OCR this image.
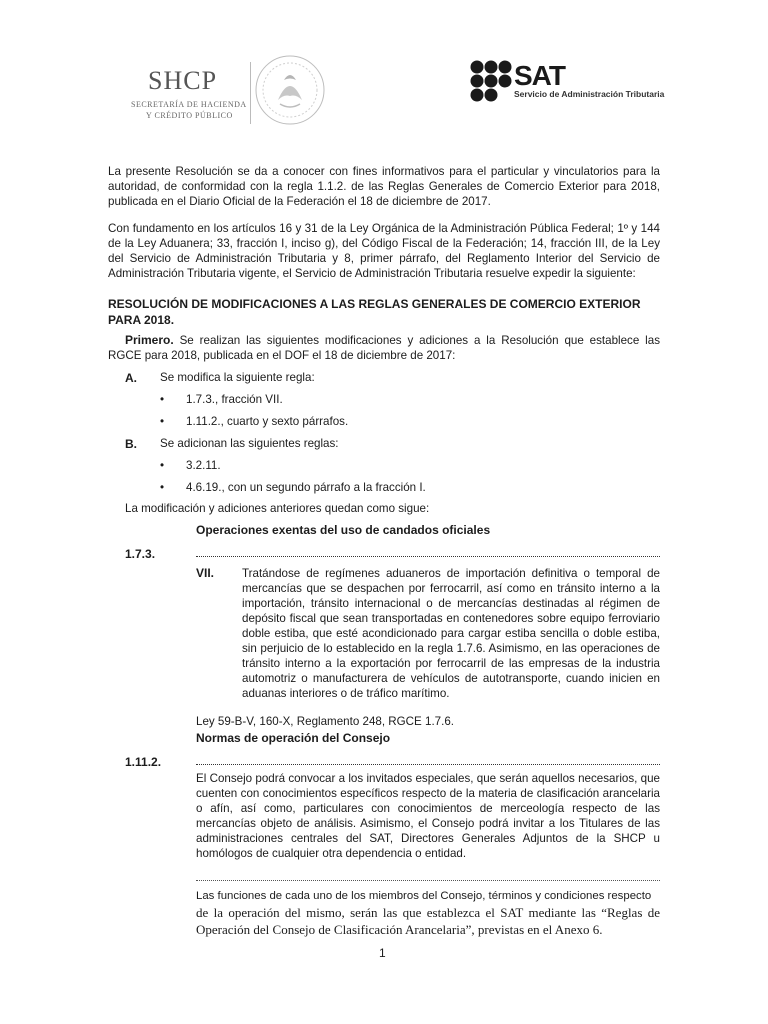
SHCP
SECRETARÍA DE HACIENDA
Y CRÉDITO PÚBLICO
SAT
Servicio de Administración Tributaria
La presente Resolución se da a conocer con fines informativos para el particular y vinculatorios para la autoridad, de conformidad con la regla 1.1.2. de las Reglas Generales de Comercio Exterior para 2018, publicada en el Diario Oficial de la Federación el 18 de diciembre de 2017.
Con fundamento en los artículos 16 y 31 de la Ley Orgánica de la Administración Pública Federal; 1º y 144 de la Ley Aduanera; 33, fracción I, inciso g), del Código Fiscal de la Federación; 14, fracción III, de la Ley del Servicio de Administración Tributaria y 8, primer párrafo, del Reglamento Interior del Servicio de Administración Tributaria vigente, el Servicio de Administración Tributaria resuelve expedir la siguiente:
RESOLUCIÓN DE MODIFICACIONES A LAS REGLAS GENERALES DE COMERCIO EXTERIOR PARA 2018.
Primero. Se realizan las siguientes modificaciones y adiciones a la Resolución que establece las RGCE para 2018, publicada en el DOF el 18 de diciembre de 2017:
A. Se modifica la siguiente regla:
• 1.7.3., fracción VII.
• 1.11.2., cuarto y sexto párrafos.
B. Se adicionan las siguientes reglas:
• 3.2.11.
• 4.6.19., con un segundo párrafo a la fracción I.
La modificación y adiciones anteriores quedan como sigue:
Operaciones exentas del uso de candados oficiales
1.7.3.
VII. Tratándose de regímenes aduaneros de importación definitiva o temporal de mercancías que se despachen por ferrocarril, así como en tránsito interno a la importación, tránsito internacional o de mercancías destinadas al régimen de depósito fiscal que sean transportadas en contenedores sobre equipo ferroviario doble estiba, que esté acondicionado para cargar estiba sencilla o doble estiba, sin perjuicio de lo establecido en la regla 1.7.6. Asimismo, en las operaciones de tránsito interno a la exportación por ferrocarril de las empresas de la industria automotriz o manufacturera de vehículos de autotransporte, cuando inicien en aduanas interiores o de tráfico marítimo.
Ley 59-B-V, 160-X, Reglamento 248, RGCE 1.7.6.
Normas de operación del Consejo
1.11.2.
El Consejo podrá convocar a los invitados especiales, que serán aquellos necesarios, que cuenten con conocimientos específicos respecto de la materia de clasificación arancelaria o afín, así como, particulares con conocimientos de merceología respecto de las mercancías objeto de análisis. Asimismo, el Consejo podrá invitar a los Titulares de las administraciones centrales del SAT, Directores Generales Adjuntos de la SHCP u homólogos de cualquier otra dependencia o entidad.
Las funciones de cada uno de los miembros del Consejo, términos y condiciones respecto
de la operación del mismo, serán las que establezca el SAT mediante las “Reglas de Operación del Consejo de Clasificación Arancelaria”, previstas en el Anexo 6.
1
